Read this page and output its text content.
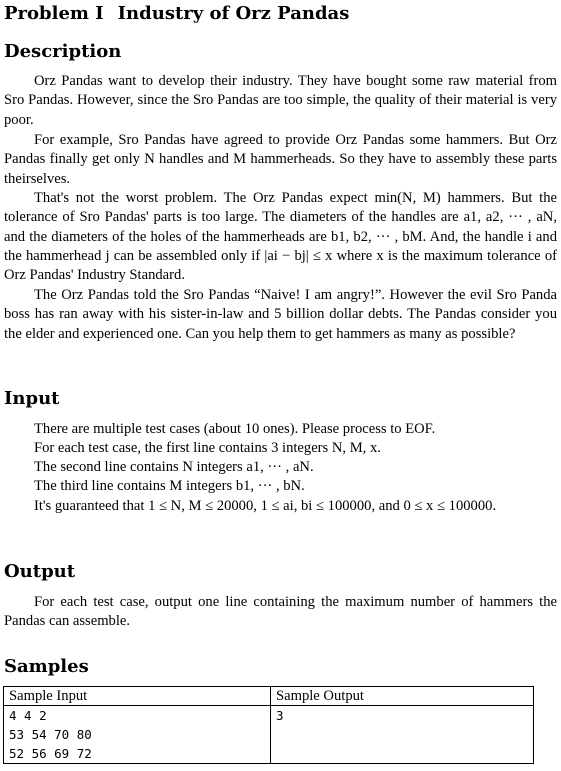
Problem I Industry of Orz Pandas
Description

Orz Pandas want to develop their industry. They have bought some raw material from Sro Pandas. However, since the Sro Pandas are too simple, the quality of their material is very poor.

For example, Sro Pandas have agreed to provide Orz Pandas some hammers. But Orz Pandas finally get only N handles and M hammerheads. So they have to assembly these parts theirselves.

That's not the worst problem. The Orz Pandas expect min(N, M) hammers. But the tolerance of Sro Pandas' parts is too large. The diameters of the handles are a1, a2, ··· , aN, and the diameters of the holes of the hammerheads are b1, b2, ··· , bM. And, the handle i and the hammerhead j can be assembled only if |ai − bj| ≤ x where x is the maximum tolerance of Orz Pandas' Industry Standard.

The Orz Pandas told the Sro Pandas “Naive! I am angry!”. However the evil Sro Panda boss has ran away with his sister-in-law and 5 billion dollar debts. The Pandas consider you the elder and experienced one. Can you help them to get hammers as many as possible?

Input

There are multiple test cases (about 10 ones). Please process to EOF.

For each test case, the first line contains 3 integers N, M, x.

The second line contains N integers a1, ··· , aN.

The third line contains M integers b1, ··· , bN.

It's guaranteed that 1 ≤ N, M ≤ 20000, 1 ≤ ai, bi ≤ 100000, and 0 ≤ x ≤ 100000.

Output

For each test case, output one line containing the maximum number of hammers the Pandas can assemble.

Samples
Sample Input	Sample Output
4 4 2
53 54 70 80
52 56 69 72	3
